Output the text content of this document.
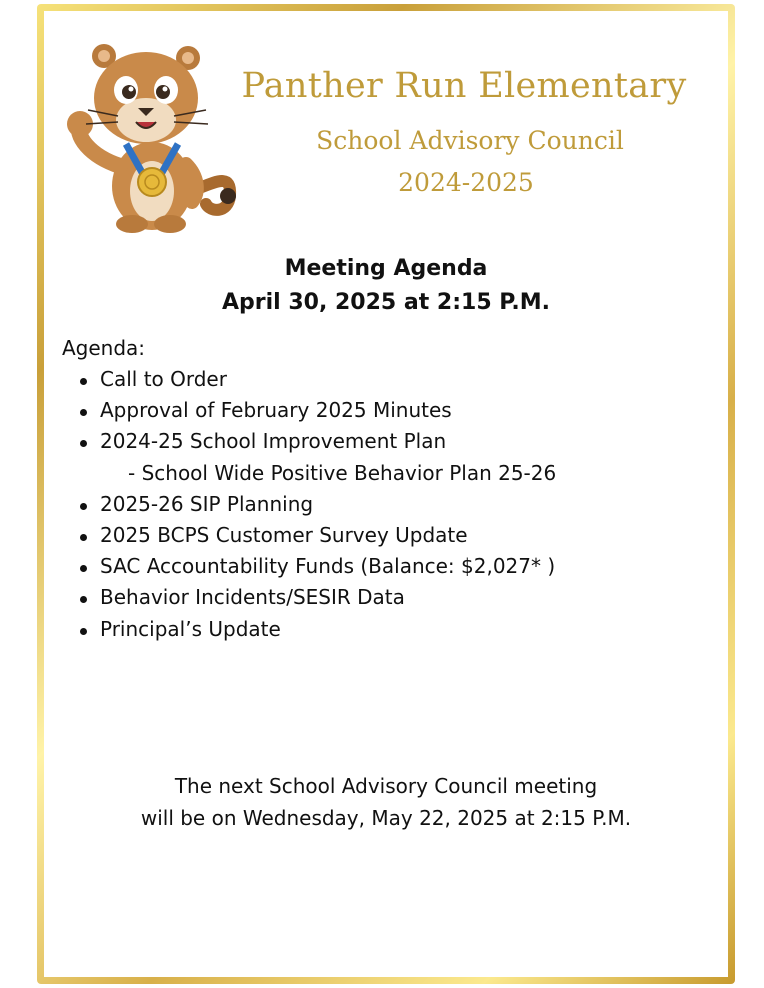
Panther Run Elementary
School Advisory Council
2024-2025
Meeting Agenda
April 30, 2025 at 2:15 P.M.
Agenda:
Call to Order
Approval of February 2025 Minutes
2024-25 School Improvement Plan
- School Wide Positive Behavior Plan 25-26
2025-26 SIP Planning
2025 BCPS Customer Survey Update
SAC Accountability Funds (Balance: $2,027* )
Behavior Incidents/SESIR Data
Principal’s Update
The next School Advisory Council meeting
will be on Wednesday, May 22, 2025 at 2:15 P.M.
